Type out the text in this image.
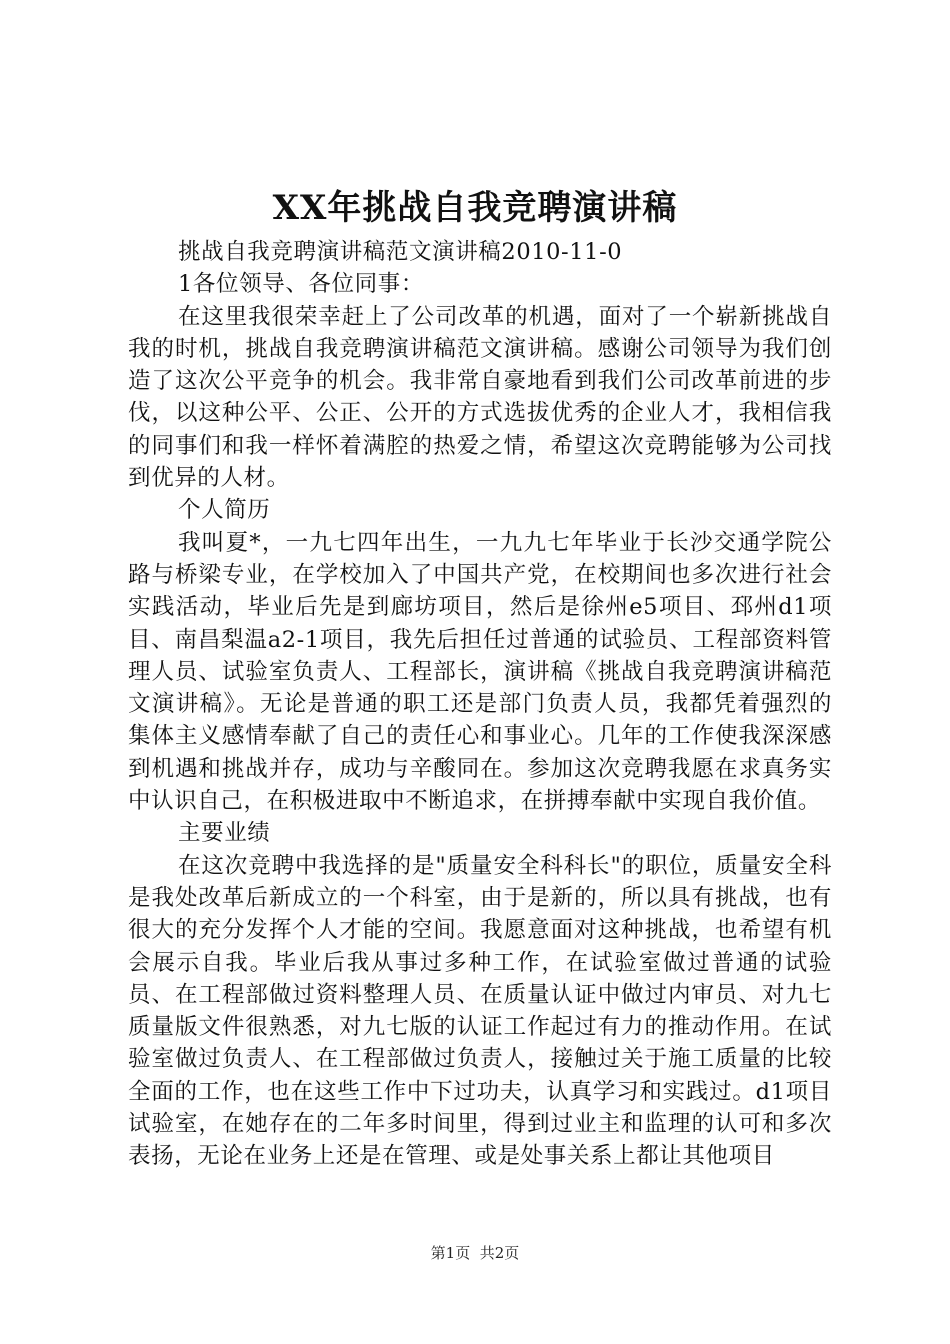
XX年挑战自我竞聘演讲稿

挑战自我竞聘演讲稿范文演讲稿2010-11-0

1各位领导、各位同事：

在这里我很荣幸赶上了公司改革的机遇，面对了一个崭新挑战自我的时机，挑战自我竞聘演讲稿范文演讲稿。感谢公司领导为我们创造了这次公平竞争的机会。我非常自豪地看到我们公司改革前进的步伐，以这种公平、公正、公开的方式选拔优秀的企业人才，我相信我的同事们和我一样怀着满腔的热爱之情，希望这次竞聘能够为公司找到优异的人材。

个人简历

我叫夏*，一九七四年出生，一九九七年毕业于长沙交通学院公路与桥梁专业，在学校加入了中国共产党，在校期间也多次进行社会实践活动，毕业后先是到廊坊项目，然后是徐州e5项目、邳州d1项目、南昌梨温a2-1项目，我先后担任过普通的试验员、工程部资料管理人员、试验室负责人、工程部长，演讲稿《挑战自我竞聘演讲稿范文演讲稿》。无论是普通的职工还是部门负责人员，我都凭着强烈的集体主义感情奉献了自己的责任心和事业心。几年的工作使我深深感到机遇和挑战并存，成功与辛酸同在。参加这次竞聘我愿在求真务实中认识自己，在积极进取中不断追求，在拼搏奉献中实现自我价值。

主要业绩

在这次竞聘中我选择的是"质量安全科科长"的职位，质量安全科是我处改革后新成立的一个科室，由于是新的，所以具有挑战，也有很大的充分发挥个人才能的空间。我愿意面对这种挑战，也希望有机会展示自我。毕业后我从事过多种工作，在试验室做过普通的试验员、在工程部做过资料整理人员、在质量认证中做过内审员、对九七质量版文件很熟悉，对九七版的认证工作起过有力的推动作用。在试验室做过负责人、在工程部做过负责人，接触过关于施工质量的比较全面的工作，也在这些工作中下过功夫，认真学习和实践过。d1项目试验室，在她存在的二年多时间里，得到过业主和监理的认可和多次表扬，无论在业务上还是在管理、或是处事关系上都让其他项目

第1页 共2页
